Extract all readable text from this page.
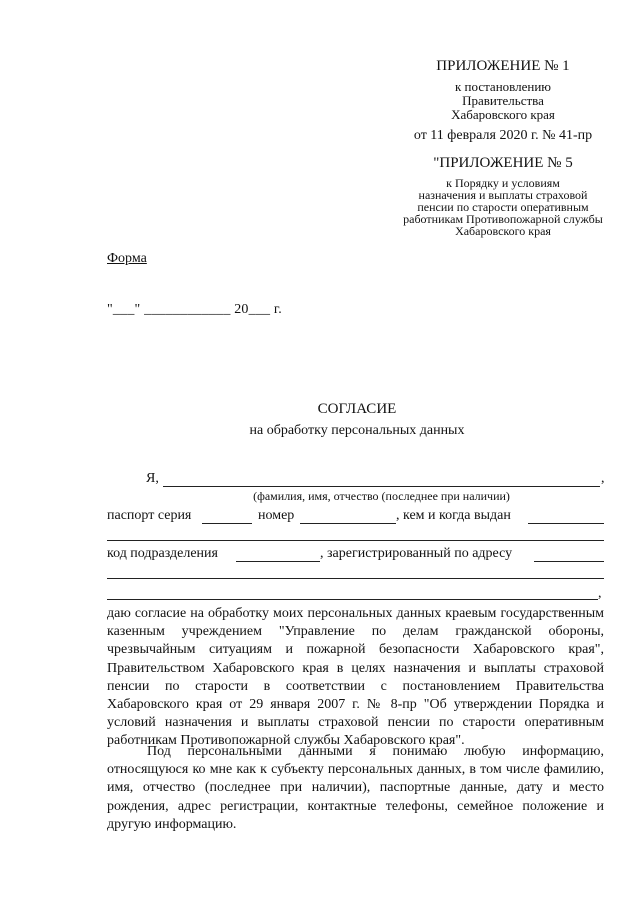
ПРИЛОЖЕНИЕ № 1
к постановлению
Правительства
Хабаровского края
от 11 февраля 2020 г. № 41-пр
"ПРИЛОЖЕНИЕ № 5
к Порядку и условиям
назначения и выплаты страховой
пенсии по старости оперативным
работникам Противопожарной службы
Хабаровского края
Форма
"___" ____________ 20___ г.
СОГЛАСИЕ
на обработку персональных данных
Я,	,
(фамилия, имя, отчество (последнее при наличии)
паспорт серия	номер	, кем и когда выдан
код подразделения	, зарегистрированный по адресу
,
даю согласие на обработку моих персональных данных краевым государственным казенным учреждением "Управление по делам гражданской обороны, чрезвычайным ситуациям и пожарной безопасности Хабаровского края", Правительством Хабаровского края в целях назначения и выплаты страховой пенсии по старости в соответствии с постановлением Правительства Хабаровского края от 29 января 2007 г. № 8-пр "Об утверждении Порядка и условий назначения и выплаты страховой пенсии по старости оперативным работникам Противопожарной службы Хабаровского края".
Под персональными данными я понимаю любую информацию, относящуюся ко мне как к субъекту персональных данных, в том числе фамилию, имя, отчество (последнее при наличии), паспортные данные, дату и место рождения, адрес регистрации, контактные телефоны, семейное положение и другую информацию.
